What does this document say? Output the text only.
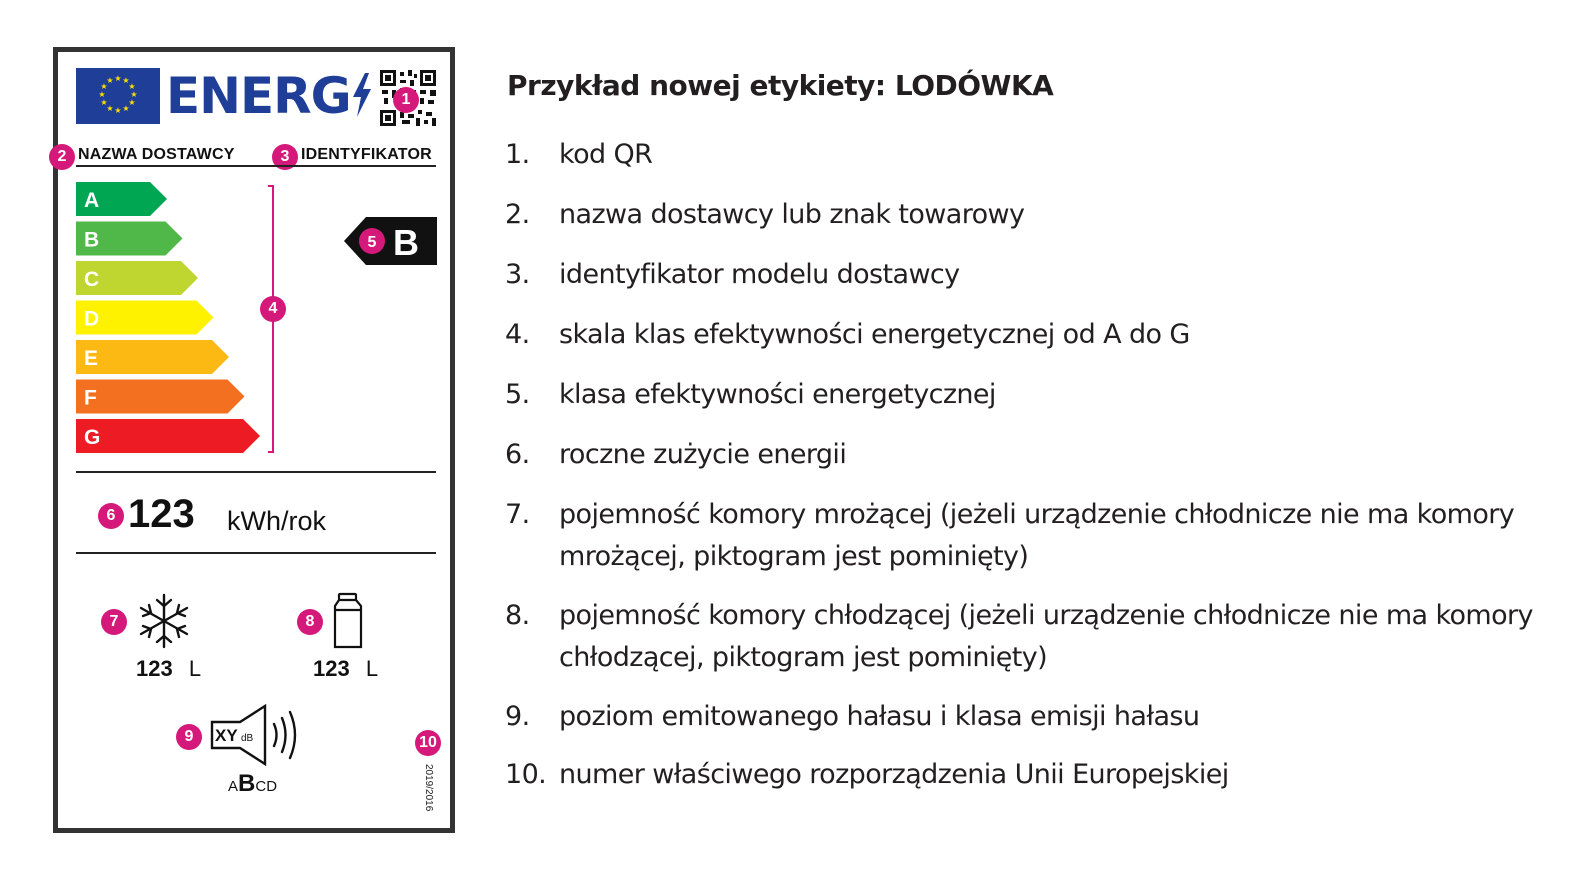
★ ★
★
★
★
★
★
★
★
★
★
★ ENERG	1
2 NAZWA DOSTAWCY	3 IDENTYFIKATOR
A
B
C
D
E
F
G
4
5 B
6 123 kWh/rok
7
123 L
8
123 L
9	XY dB
ABCD
10
2019/2016
Przykład nowej etykiety: LODÓWKA
1.	kod QR
2.	nazwa dostawcy lub znak towarowy
3.	identyfikator modelu dostawcy
4.	skala klas efektywności energetycznej od A do G
5.	klasa efektywności energetycznej
6.	roczne zużycie energii
7.	pojemność komory mrożącej (jeżeli urządzenie chłodnicze nie ma komory mrożącej, piktogram jest pominięty)
8.	pojemność komory chłodzącej (jeżeli urządzenie chłodnicze nie ma komory chłodzącej, piktogram jest pominięty)
9.	poziom emitowanego hałasu i klasa emisji hałasu
10. numer właściwego rozporządzenia Unii Europejskiej
